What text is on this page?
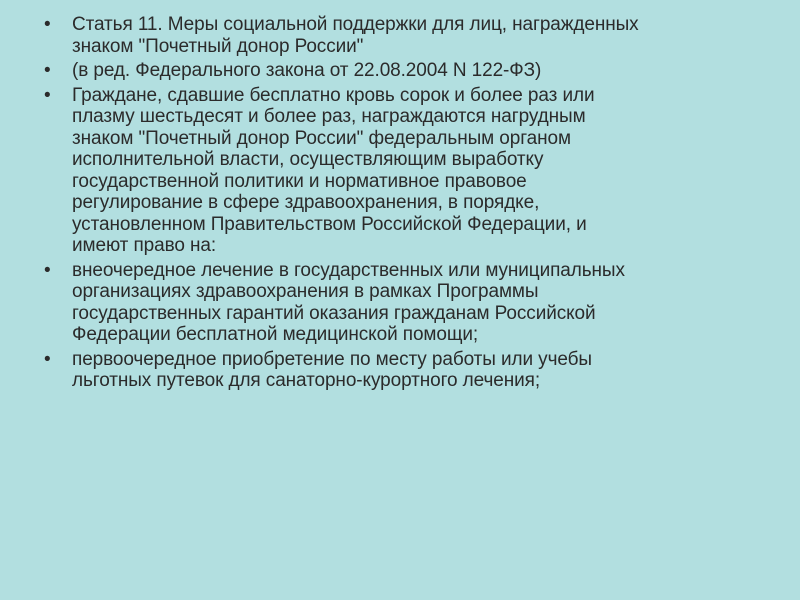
• Статья 11. Меры социальной поддержки для лиц, награжденных
знаком "Почетный донор России"
• (в ред. Федерального закона от 22.08.2004 N 122-ФЗ)
• Граждане, сдавшие бесплатно кровь сорок и более раз или
плазму шестьдесят и более раз, награждаются нагрудным
знаком "Почетный донор России" федеральным органом
исполнительной власти, осуществляющим выработку
государственной политики и нормативное правовое
регулирование в сфере здравоохранения, в порядке,
установленном Правительством Российской Федерации, и
имеют право на:
• внеочередное лечение в государственных или муниципальных
организациях здравоохранения в рамках Программы
государственных гарантий оказания гражданам Российской
Федерации бесплатной медицинской помощи;
• первоочередное приобретение по месту работы или учебы
льготных путевок для санаторно-курортного лечения;
